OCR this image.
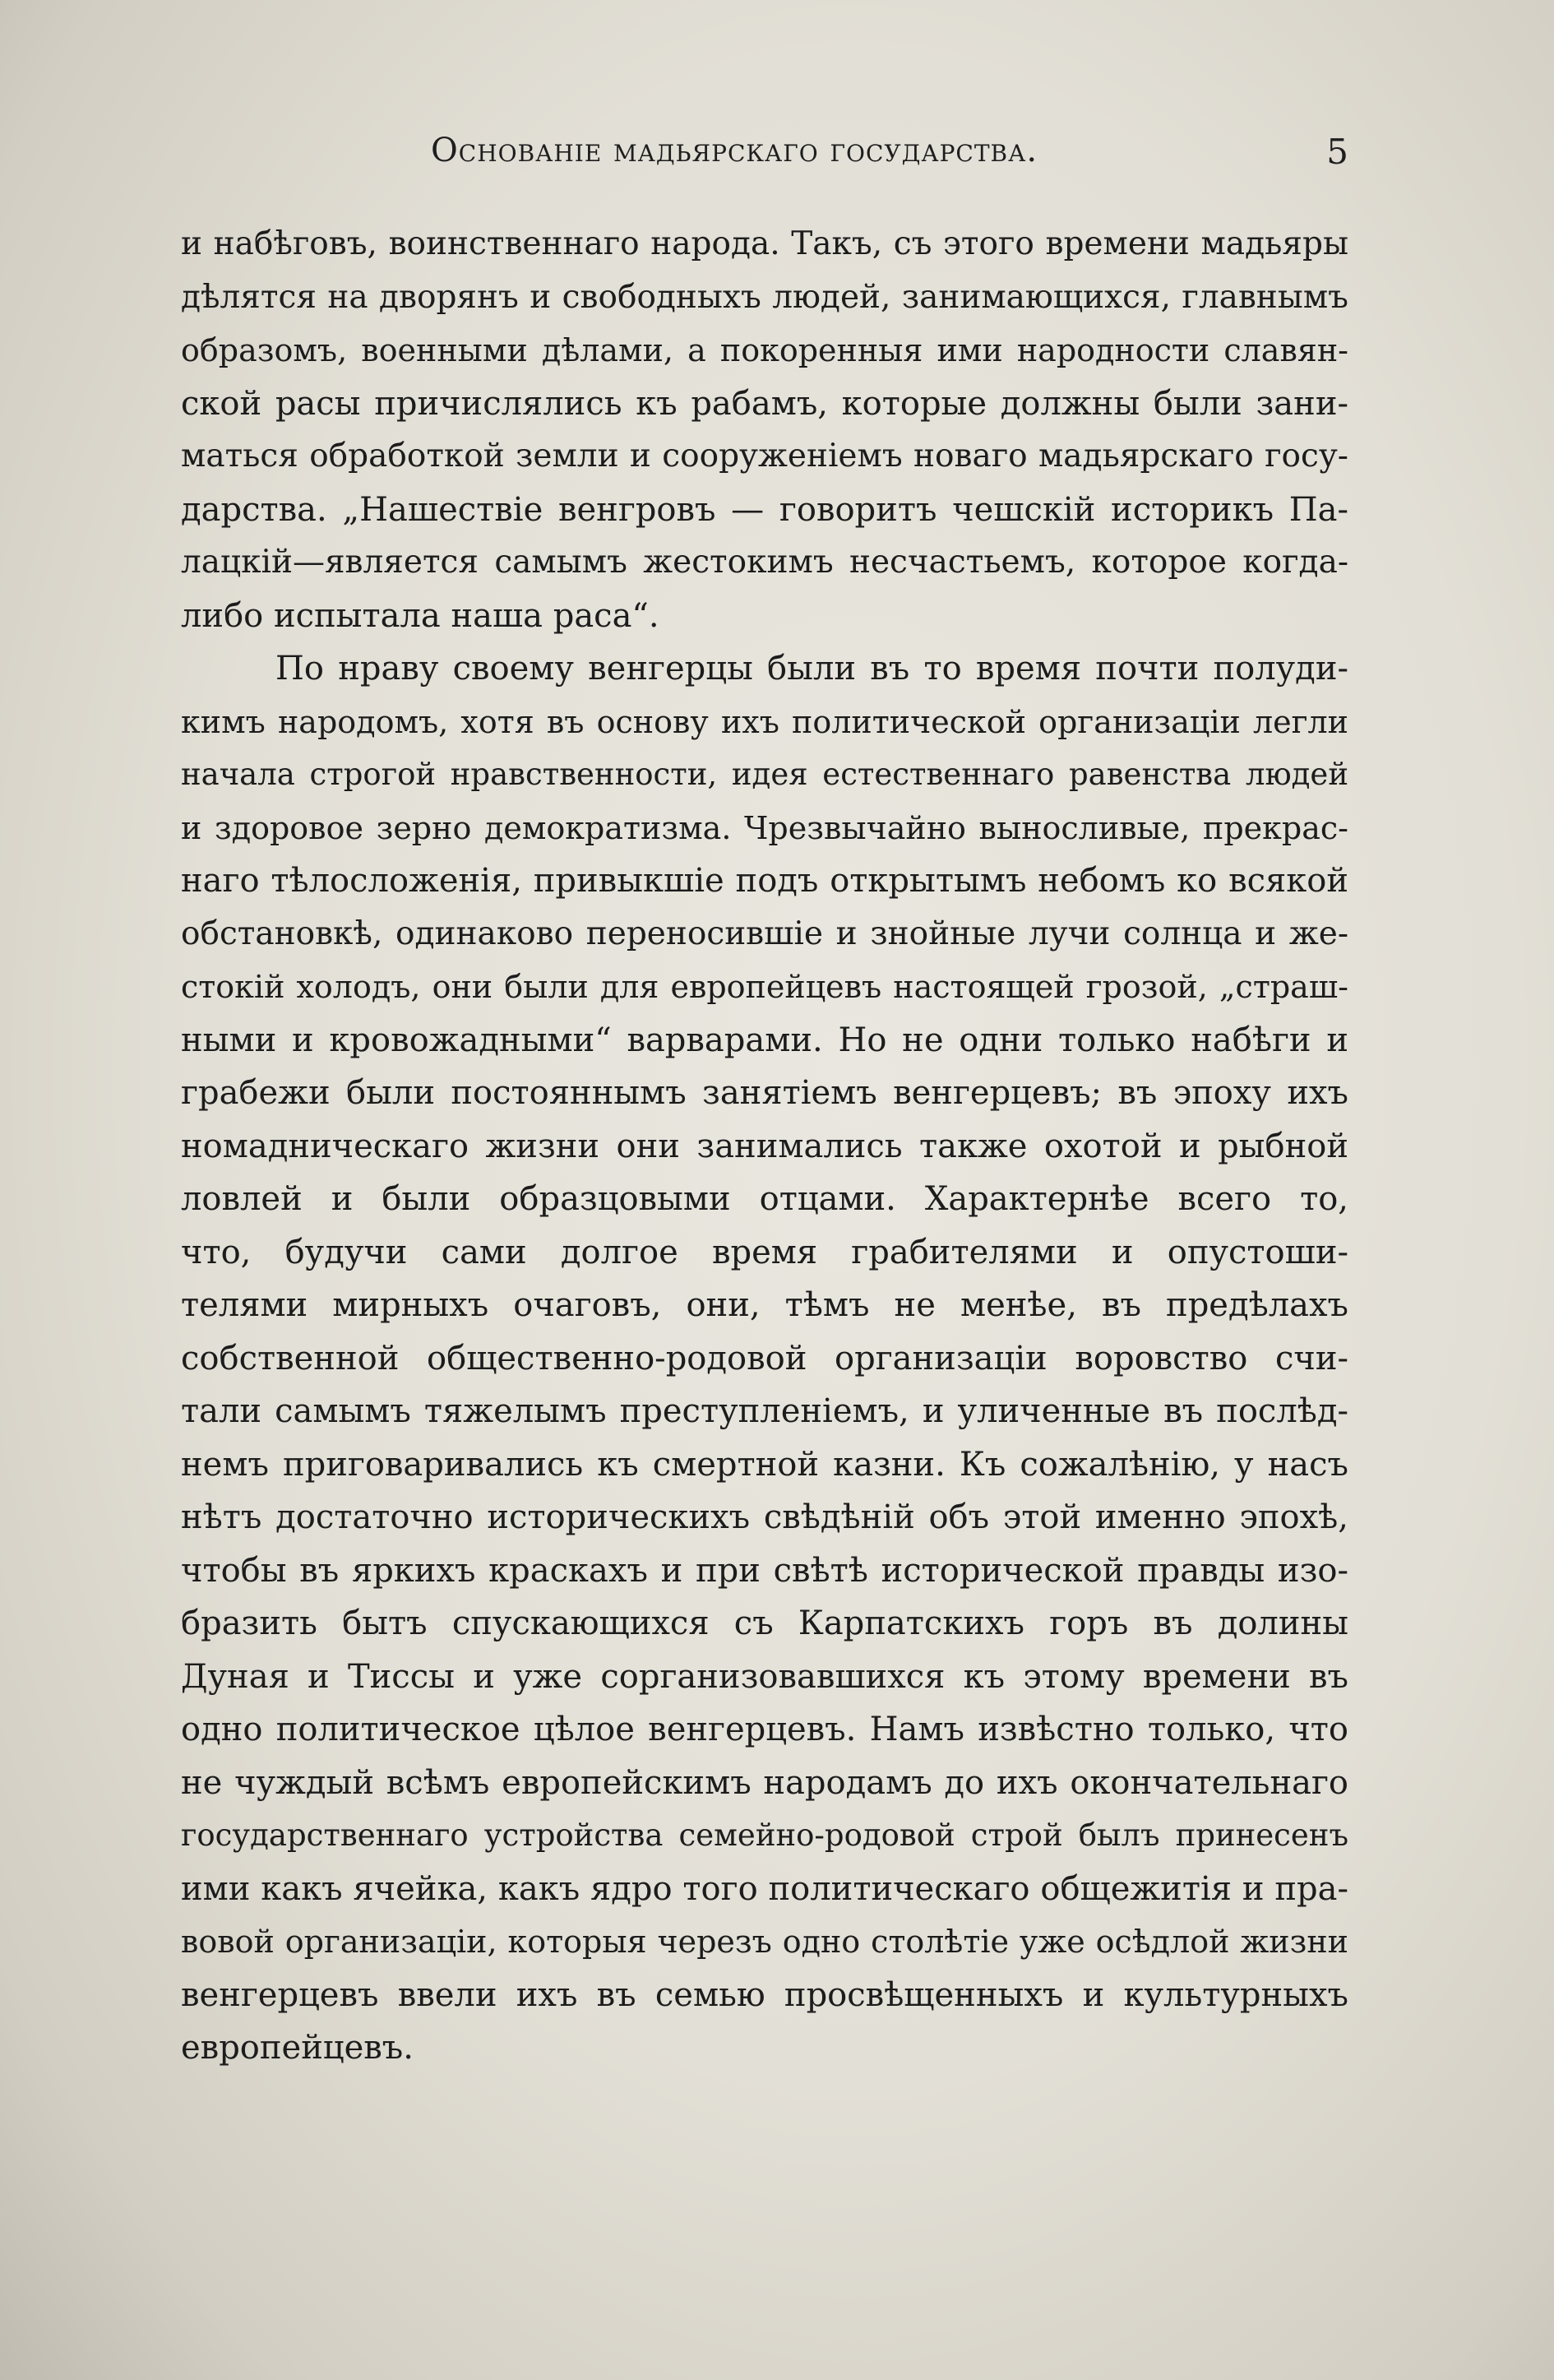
Основаніе мадьярскаго государства.	5
и набѣговъ, воинственнаго народа. Такъ, съ этого времени мадьяры
дѣлятся на дворянъ и свободныхъ людей, занимающихся, главнымъ
образомъ, военными дѣлами, а покоренныя ими народности славян-
ской расы причислялись къ рабамъ, которые должны были зани-
маться обработкой земли и сооруженіемъ новаго мадьярскаго госу-
дарства. „Нашествіе венгровъ — говоритъ чешскій историкъ Па-
лацкій—является самымъ жестокимъ несчастьемъ, которое когда-
либо испытала наша раса“.
По нраву своему венгерцы были въ то время почти полуди-
кимъ народомъ, хотя въ основу ихъ политической организаціи легли
начала строгой нравственности, идея естественнаго равенства людей
и здоровое зерно демократизма. Чрезвычайно выносливые, прекрас-
наго тѣлосложенія, привыкшіе подъ открытымъ небомъ ко всякой
обстановкѣ, одинаково переносившіе и знойные лучи солнца и же-
стокій холодъ, они были для европейцевъ настоящей грозой, „страш-
ными и кровожадными“ варварами. Но не одни только набѣги и
грабежи были постояннымъ занятіемъ венгерцевъ; въ эпоху ихъ
номадническаго жизни они занимались также охотой и рыбной
ловлей и были образцовыми отцами. Характернѣе всего то,
что, будучи сами долгое время грабителями и опустоши-
телями мирныхъ очаговъ, они, тѣмъ не менѣе, въ предѣлахъ
собственной общественно-родовой организаціи воровство счи-
тали самымъ тяжелымъ преступленіемъ, и уличенные въ послѣд-
немъ приговаривались къ смертной казни. Къ сожалѣнію, у насъ
нѣтъ достаточно историческихъ свѣдѣній объ этой именно эпохѣ,
чтобы въ яркихъ краскахъ и при свѣтѣ исторической правды изо-
бразить бытъ спускающихся съ Карпатскихъ горъ въ долины
Дуная и Тиссы и уже сорганизовавшихся къ этому времени въ
одно политическое цѣлое венгерцевъ. Намъ извѣстно только, что
не чуждый всѣмъ европейскимъ народамъ до ихъ окончательнаго
государственнаго устройства семейно-родовой строй былъ принесенъ
ими какъ ячейка, какъ ядро того политическаго общежитія и пра-
вовой организаціи, которыя черезъ одно столѣтіе уже осѣдлой жизни
венгерцевъ ввели ихъ въ семью просвѣщенныхъ и культурныхъ
европейцевъ.
